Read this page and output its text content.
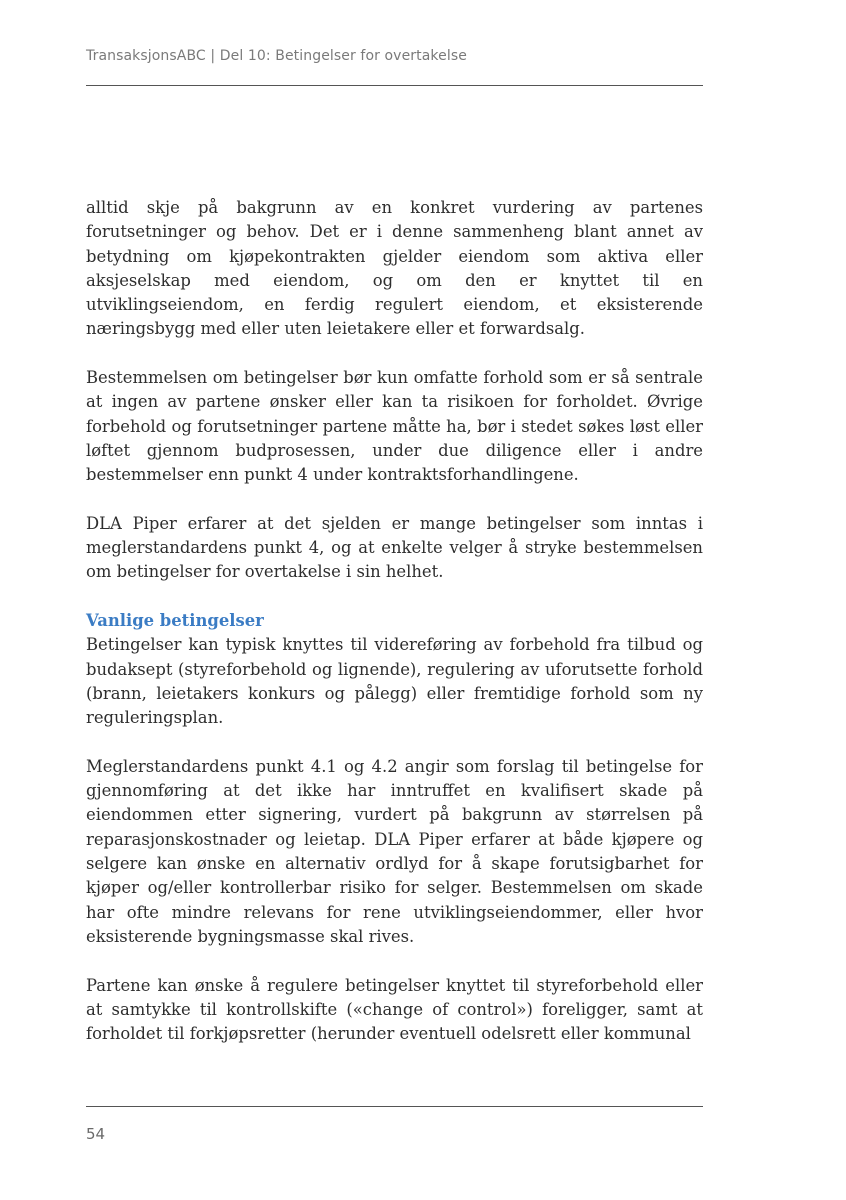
TransaksjonsABC | Del 10: Betingelser for overtakelse

alltid skje på bakgrunn av en konkret vurdering av partenes forutsetninger og behov. Det er i denne sammenheng blant annet av betydning om kjøpekontrakten gjelder eiendom som aktiva eller aksjeselskap med eiendom, og om den er knyttet til en utviklingseiendom, en ferdig regulert eiendom, et eksisterende næringsbygg med eller uten leietakere eller et forwardsalg.

Bestemmelsen om betingelser bør kun omfatte forhold som er så sentrale at ingen av partene ønsker eller kan ta risikoen for forholdet. Øvrige forbehold og forutsetninger partene måtte ha, bør i stedet søkes løst eller løftet gjennom budprosessen, under due diligence eller i andre bestemmelser enn punkt 4 under kontraktsforhandlingene.

DLA Piper erfarer at det sjelden er mange betingelser som inntas i meglerstandardens punkt 4, og at enkelte velger å stryke bestemmelsen om betingelser for overtakelse i sin helhet.

Vanlige betingelser

Betingelser kan typisk knyttes til videreføring av forbehold fra tilbud og budaksept (styreforbehold og lignende), regulering av uforutsette forhold (brann, leietakers konkurs og pålegg) eller fremtidige forhold som ny reguleringsplan.

Meglerstandardens punkt 4.1 og 4.2 angir som forslag til betingelse for gjennomføring at det ikke har inntruffet en kvalifisert skade på eiendommen etter signering, vurdert på bakgrunn av størrelsen på reparasjonskostnader og leietap. DLA Piper erfarer at både kjøpere og selgere kan ønske en alternativ ordlyd for å skape forutsigbarhet for kjøper og/eller kontrollerbar risiko for selger. Bestemmelsen om skade har ofte mindre relevans for rene utviklingseiendommer, eller hvor eksisterende bygningsmasse skal rives.

Partene kan ønske å regulere betingelser knyttet til styreforbehold eller at samtykke til kontrollskifte («change of control») foreligger, samt at forholdet til forkjøpsretter (herunder eventuell odelsrett eller kommunal

54
